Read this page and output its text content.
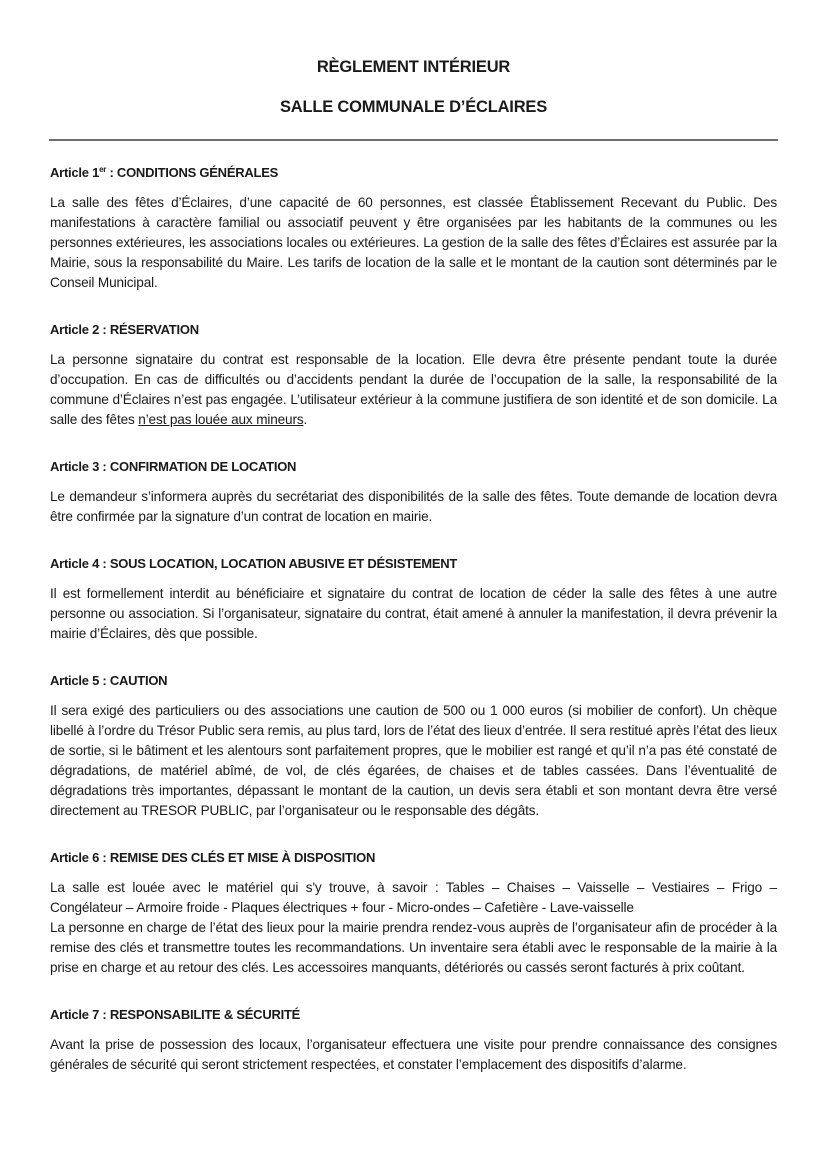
RÈGLEMENT INTÉRIEUR
SALLE COMMUNALE D’ÉCLAIRES
Article 1er : CONDITIONS GÉNÉRALES

La salle des fêtes d’Éclaires, d’une capacité de 60 personnes, est classée Établissement Recevant du Public. Des manifestations à caractère familial ou associatif peuvent y être organisées par les habitants de la communes ou les personnes extérieures, les associations locales ou extérieures. La gestion de la salle des fêtes d’Éclaires est assurée par la Mairie, sous la responsabilité du Maire. Les tarifs de location de la salle et le montant de la caution sont déterminés par le Conseil Municipal.

Article 2 : RÉSERVATION

La personne signataire du contrat est responsable de la location. Elle devra être présente pendant toute la durée d’occupation. En cas de difficultés ou d’accidents pendant la durée de l’occupation de la salle, la responsabilité de la commune d’Éclaires n’est pas engagée. L’utilisateur extérieur à la commune justifiera de son identité et de son domicile. La salle des fêtes n’est pas louée aux mineurs.

Article 3 : CONFIRMATION DE LOCATION

Le demandeur s’informera auprès du secrétariat des disponibilités de la salle des fêtes. Toute demande de location devra être confirmée par la signature d’un contrat de location en mairie.

Article 4 : SOUS LOCATION, LOCATION ABUSIVE ET DÉSISTEMENT

Il est formellement interdit au bénéficiaire et signataire du contrat de location de céder la salle des fêtes à une autre personne ou association. Si l’organisateur, signataire du contrat, était amené à annuler la manifestation, il devra prévenir la mairie d’Éclaires, dès que possible.

Article 5 : CAUTION

Il sera exigé des particuliers ou des associations une caution de 500 ou 1 000 euros (si mobilier de confort). Un chèque libellé à l’ordre du Trésor Public sera remis, au plus tard, lors de l’état des lieux d’entrée. Il sera restitué après l’état des lieux de sortie, si le bâtiment et les alentours sont parfaitement propres, que le mobilier est rangé et qu’il n’a pas été constaté de dégradations, de matériel abîmé, de vol, de clés égarées, de chaises et de tables cassées. Dans l’éventualité de dégradations très importantes, dépassant le montant de la caution, un devis sera établi et son montant devra être versé directement au TRESOR PUBLIC, par l’organisateur ou le responsable des dégâts.

Article 6 : REMISE DES CLÉS ET MISE À DISPOSITION

La salle est louée avec le matériel qui s'y trouve, à savoir : Tables – Chaises – Vaisselle – Vestiaires – Frigo –

Congélateur – Armoire froide - Plaques électriques + four - Micro-ondes – Cafetière - Lave-vaisselle

La personne en charge de l’état des lieux pour la mairie prendra rendez-vous auprès de l’organisateur afin de procéder à la remise des clés et transmettre toutes les recommandations. Un inventaire sera établi avec le responsable de la mairie à la prise en charge et au retour des clés. Les accessoires manquants, détériorés ou cassés seront facturés à prix coûtant.

Article 7 : RESPONSABILITE & SÉCURITÉ

Avant la prise de possession des locaux, l’organisateur effectuera une visite pour prendre connaissance des consignes générales de sécurité qui seront strictement respectées, et constater l’emplacement des dispositifs d’alarme.
